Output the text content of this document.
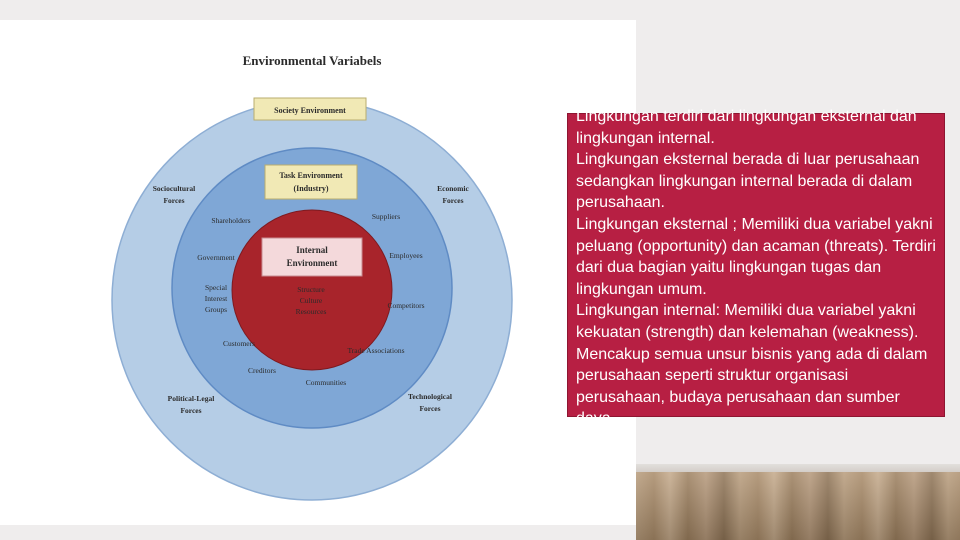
Environmental Variabels
Society Environment
Task Environment
(Industry)
Internal
Environment
Structure
Culture
Resources
Shareholders	Suppliers
Government	Employees
Special
Interest
Groups	Competitors
Customers
Trade Associations
Creditors
Communities
Sociocultural
Forces
Economic
Forces
Political-Legal
Forces
Technological
Forces

Lingkungan terdiri dari lingkungan eksternal dan lingkungan internal.

Lingkungan eksternal berada di luar perusahaan sedangkan lingkungan internal berada di dalam perusahaan.

Lingkungan eksternal ; Memiliki dua variabel yakni peluang (opportunity) dan acaman (threats). Terdiri dari dua bagian yaitu lingkungan tugas dan lingkungan umum.

Lingkungan internal: Memiliki dua variabel yakni kekuatan (strength) dan kelemahan (weakness). Mencakup semua unsur bisnis yang ada di dalam perusahaan seperti struktur organisasi perusahaan, budaya perusahaan dan sumber daya.
